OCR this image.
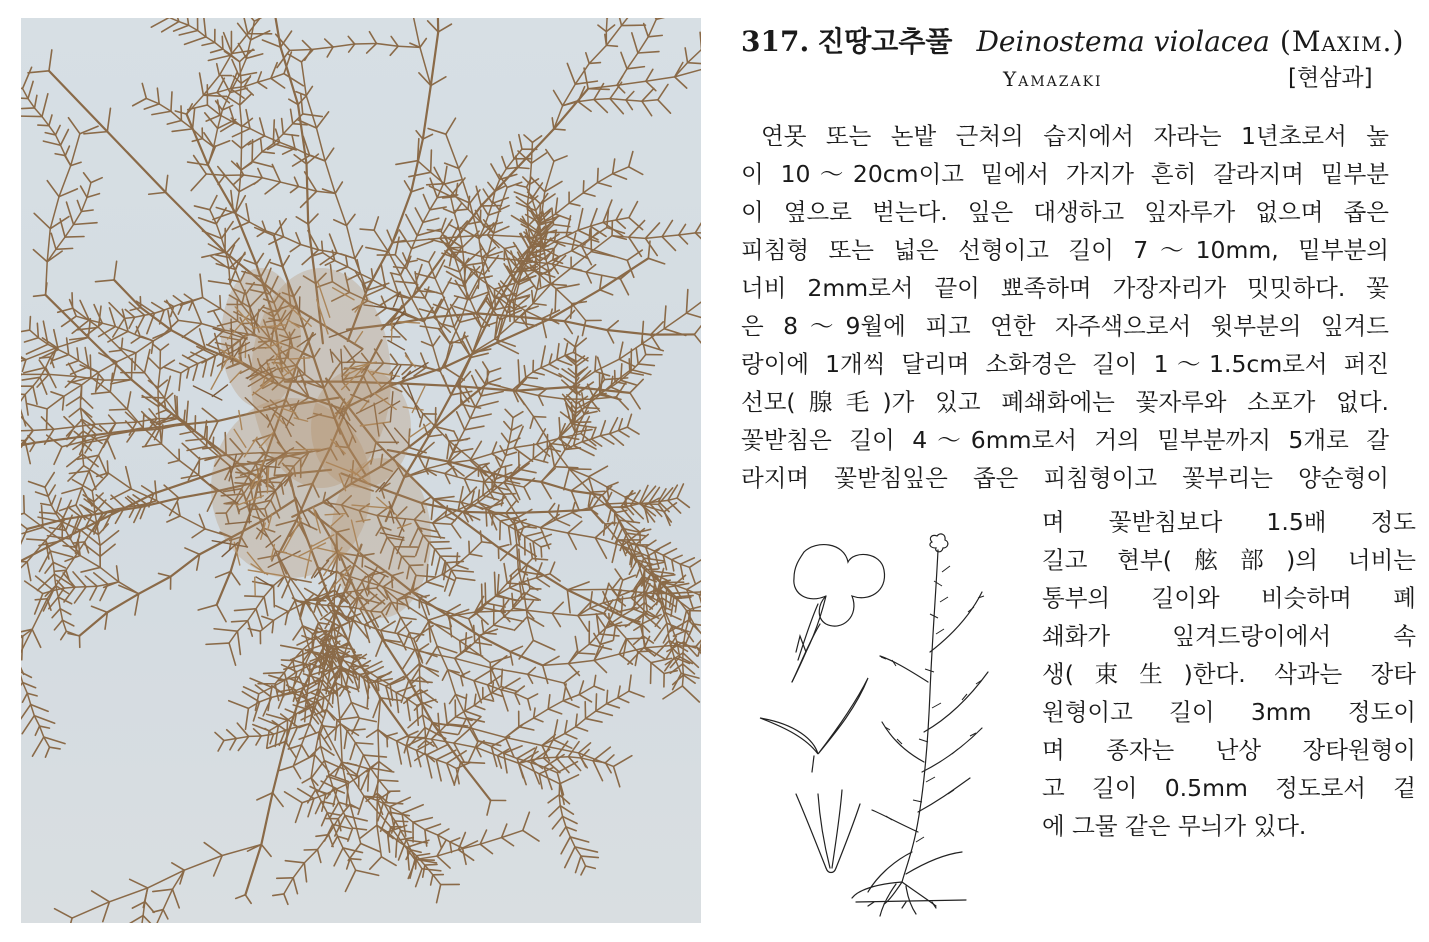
317. 진땅고추풀 Deinostema violacea (Maxim.)
Yamazaki	[현삼과]
연못 또는 논밭 근처의 습지에서 자라는 1년초로서 높
이 10～20cm이고 밑에서 가지가 흔히 갈라지며 밑부분
이 옆으로 벋는다. 잎은 대생하고 잎자루가 없으며 좁은
피침형 또는 넓은 선형이고 길이 7～10mm, 밑부분의
너비 2mm로서 끝이 뾰족하며 가장자리가 밋밋하다. 꽃
은 8～9월에 피고 연한 자주색으로서 윗부분의 잎겨드
랑이에 1개씩 달리며 소화경은 길이 1～1.5cm로서 퍼진
선모(腺毛)가 있고 폐쇄화에는 꽃자루와 소포가 없다.
꽃받침은 길이 4～6mm로서 거의 밑부분까지 5개로 갈
라지며 꽃받침잎은 좁은 피침형이고 꽃부리는 양순형이
며 꽃받침보다 1.5배 정도
길고 현부(舷部)의 너비는
통부의 길이와 비슷하며 폐
쇄화가 잎겨드랑이에서 속
생(束生)한다. 삭과는 장타
원형이고 길이 3mm 정도이
며 종자는 난상 장타원형이
고 길이 0.5mm 정도로서 겉
에 그물 같은 무늬가 있다.
